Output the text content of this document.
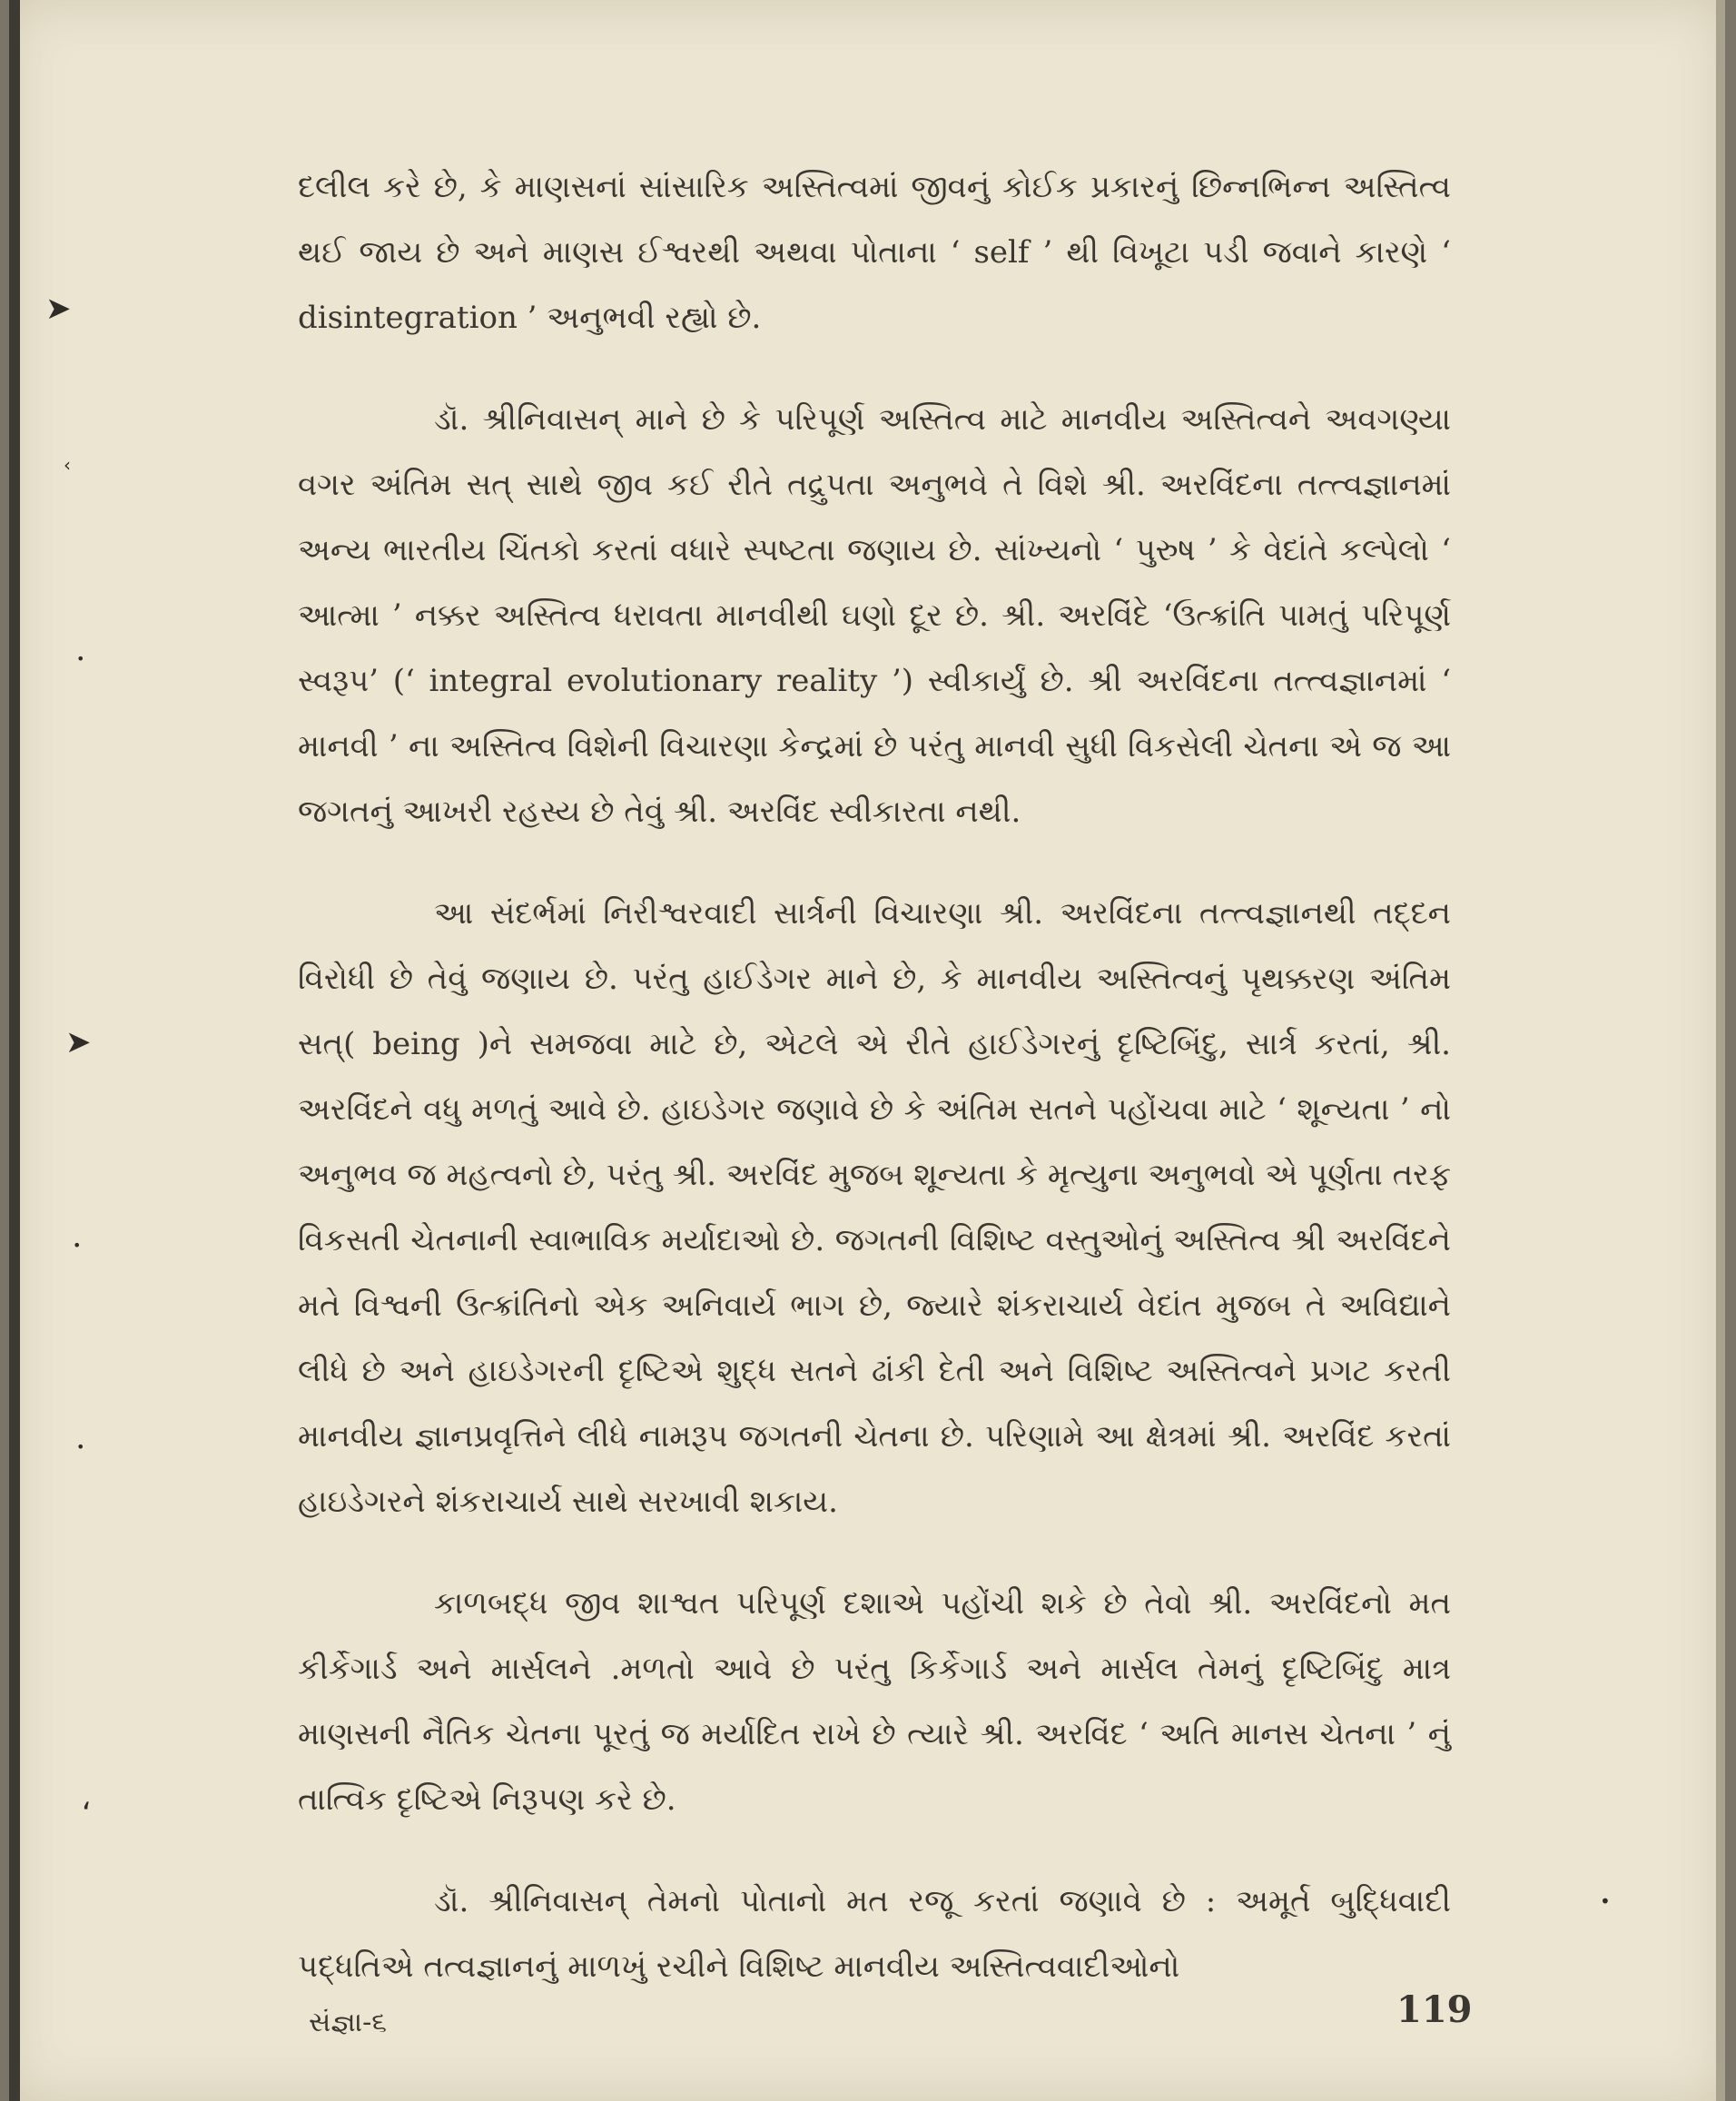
દલીલ કરે છે, કે માણસનાં સાંસારિક અસ્તિત્વમાં જીવનું કોઈક પ્રકારનું છિન્નભિન્ન અસ્તિત્વ થઈ જાય છે અને માણસ ઈશ્વરથી અથવા પોતાના ‘ self ’ થી વિખૂટા પડી જવાને કારણે ‘ disintegration ’ અનુભવી રહ્યો છે.

ડૉ. શ્રીનિવાસન્ માને છે કે પરિપૂર્ણ અસ્તિત્વ માટે માનવીય અસ્તિત્વને અવગણ્યા વગર અંતિમ સત્ સાથે જીવ કઈ રીતે તદ્રુપતા અનુભવે તે વિશે શ્રી. અરવિંદના તત્ત્વજ્ઞાનમાં અન્ય ભારતીય ચિંતકો કરતાં વધારે સ્પષ્ટતા જણાય છે. સાંખ્યનો ‘ પુરુષ ’ કે વેદાંતે કલ્પેલો ‘ આત્મા ’ નક્કર અસ્તિત્વ ધરાવતા માનવીથી ઘણો દૂર છે. શ્રી. અરવિંદે ‘ઉત્ક્રાંતિ પામતું પરિપૂર્ણ સ્વરૂપ’ (‘ integral evolutionary reality ’) સ્વીકાર્યું છે. શ્રી અરવિંદના તત્ત્વજ્ઞાનમાં ‘ માનવી ’ ના અસ્તિત્વ વિશેની વિચારણા કેન્દ્રમાં છે પરંતુ માનવી સુધી વિકસેલી ચેતના એ જ આ જગતનું આખરી રહસ્ય છે તેવું શ્રી. અરવિંદ સ્વીકારતા નથી.

આ સંદર્ભમાં નિરીશ્વરવાદી સાર્ત્રની વિચારણા શ્રી. અરવિંદના તત્ત્વજ્ઞાનથી તદ્દન વિરોધી છે તેવું જણાય છે. પરંતુ હાઈડેગર માને છે, કે માનવીય અસ્તિત્વનું પૃથક્કરણ અંતિમ સત્( being )ને સમજવા માટે છે, એટલે એ રીતે હાઈડેગરનું દૃષ્ટિબિંદુ, સાર્ત્ર કરતાં, શ્રી. અરવિંદને વધુ મળતું આવે છે. હાઇડેગર જણાવે છે કે અંતિમ સતને પહોંચવા માટે ‘ શૂન્યતા ’ નો અનુભવ જ મહત્વનો છે, પરંતુ શ્રી. અરવિંદ મુજબ શૂન્યતા કે મૃત્યુના અનુભવો એ પૂર્ણતા તરફ વિકસતી ચેતનાની સ્વાભાવિક મર્યાદાઓ છે. જગતની વિશિષ્ટ વસ્તુઓનું અસ્તિત્વ શ્રી અરવિંદને મતે વિશ્વની ઉત્ક્રાંતિનો એક અનિવાર્ય ભાગ છે, જ્યારે શંકરાચાર્ય વેદાંત મુજબ તે અવિદ્યાને લીધે છે અને હાઇડેગરની દૃષ્ટિએ શુદ્ધ સતને ઢાંકી દેતી અને વિશિષ્ટ અસ્તિત્વને પ્રગટ કરતી માનવીય જ્ઞાનપ્રવૃત્તિને લીધે નામરૂપ જગતની ચેતના છે. પરિણામે આ ક્ષેત્રમાં શ્રી. અરવિંદ કરતાં હાઇડેગરને શંકરાચાર્ય સાથે સરખાવી શકાય.

કાળબદ્ધ જીવ શાશ્વત પરિપૂર્ણ દશાએ પહોંચી શકે છે તેવો શ્રી. અરવિંદનો મત કીર્કેગાર્ડ અને માર્સલને .મળતો આવે છે પરંતુ કિર્કેગાર્ડ અને માર્સલ તેમનું દૃષ્ટિબિંદુ માત્ર માણસની નૈતિક ચેતના પૂરતું જ મર્યાદિત રાખે છે ત્યારે શ્રી. અરવિંદ ‘ અતિ માનસ ચેતના ’ નું તાત્વિક દૃષ્ટિએ નિરૂપણ કરે છે.

ડૉ. શ્રીનિવાસન્ તેમનો પોતાનો મત રજૂ કરતાં જણાવે છે : અમૂર્ત બુદ્ધિવાદી પદ્ધતિએ તત્વજ્ઞાનનું માળખું રચીને વિશિષ્ટ માનવીય અસ્તિત્વવાદીઓનો

સંજ્ઞા-૬	119
➤
‹
•
➤
•
•
ʻ
•
